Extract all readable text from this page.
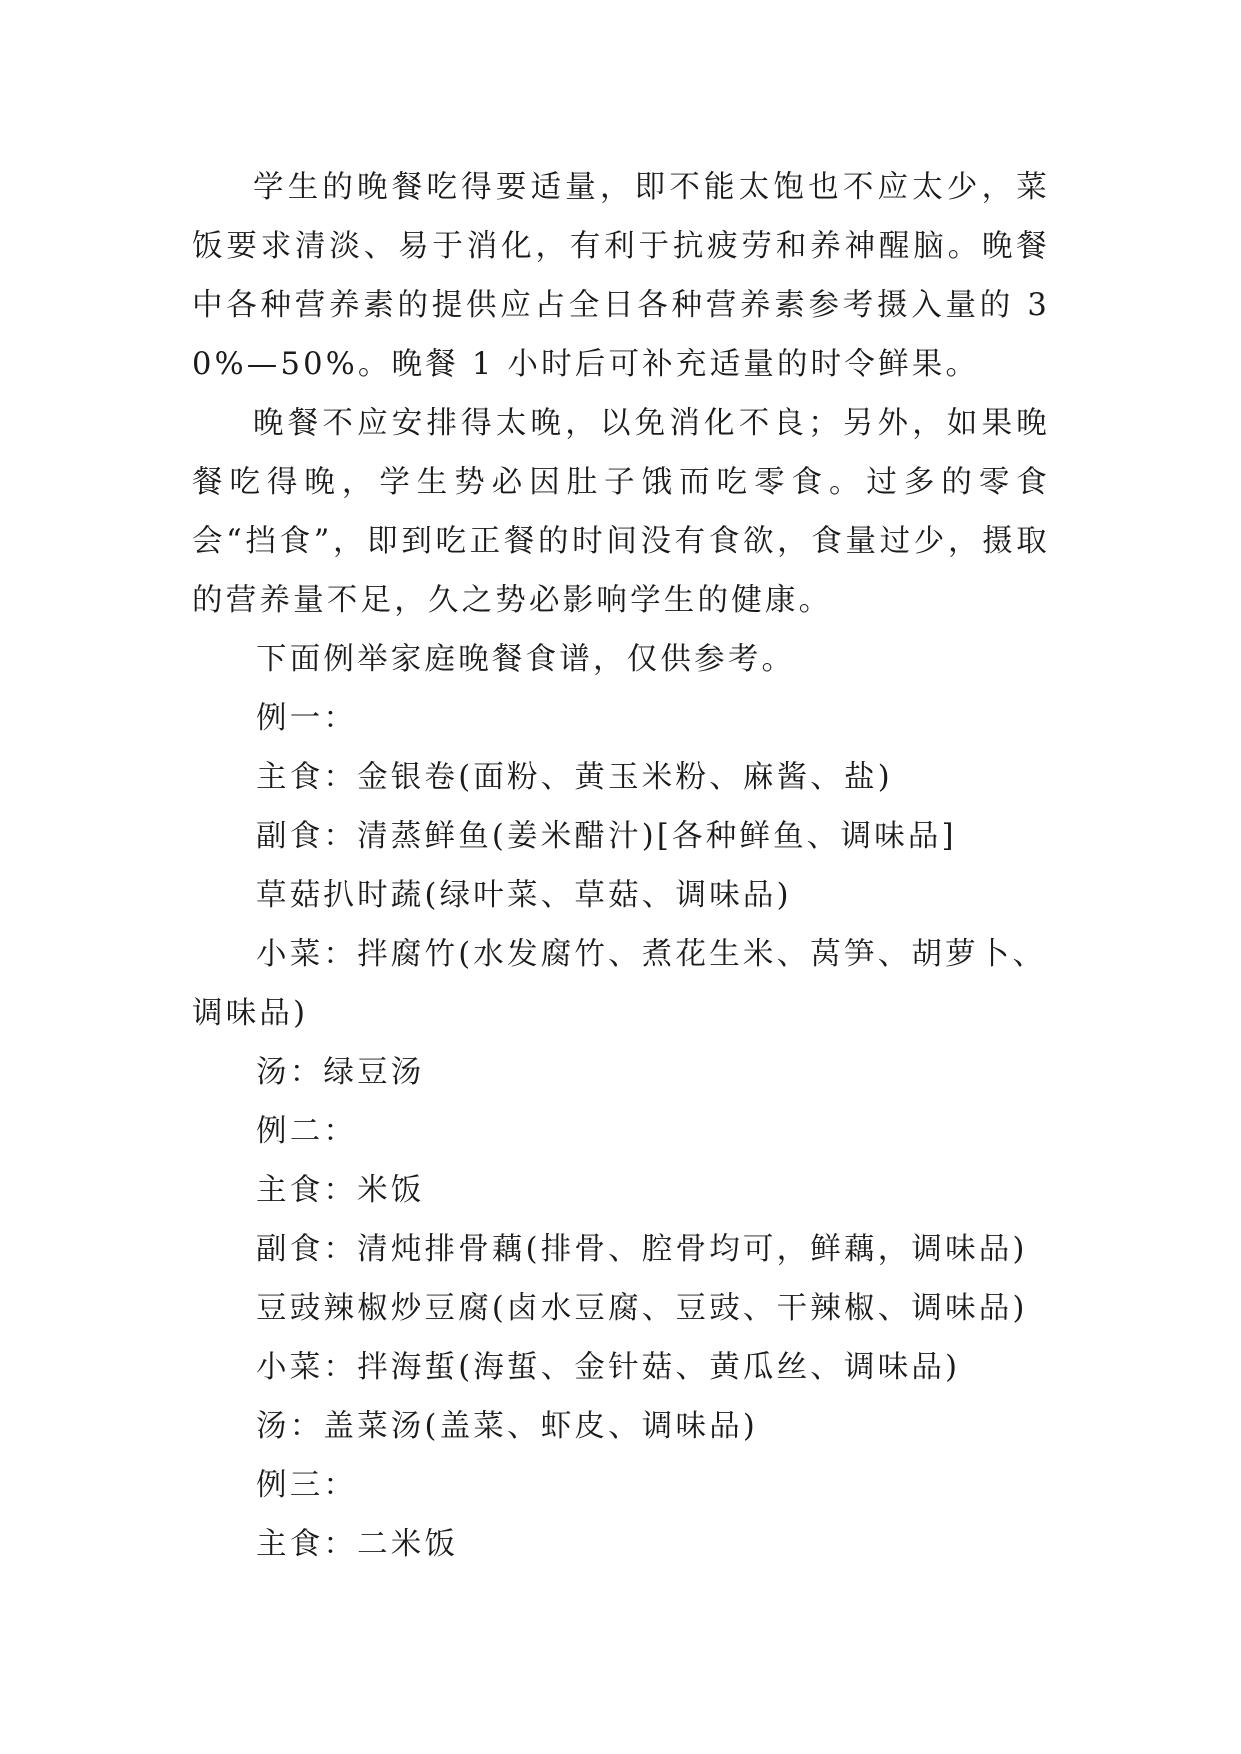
学生的晚餐吃得要适量，即不能太饱也不应太少，菜饭要求清淡、易于消化，有利于抗疲劳和养神醒脑。晚餐中各种营养素的提供应占全日各种营养素参考摄入量的 30%—50%。晚餐 1 小时后可补充适量的时令鲜果。

晚餐不应安排得太晚，以免消化不良；另外，如果晚餐吃得晚，学生势必因肚子饿而吃零食。过多的零食会“挡食”，即到吃正餐的时间没有食欲，食量过少，摄取的营养量不足，久之势必影响学生的健康。

下面例举家庭晚餐食谱，仅供参考。

例一：

主食：金银卷(面粉、黄玉米粉、麻酱、盐)

副食：清蒸鲜鱼(姜米醋汁)[各种鲜鱼、调味品]

草菇扒时蔬(绿叶菜、草菇、调味品)

小菜：拌腐竹(水发腐竹、煮花生米、莴笋、胡萝卜、调味品)

汤：绿豆汤

例二：

主食：米饭

副食：清炖排骨藕(排骨、腔骨均可，鲜藕，调味品)

豆豉辣椒炒豆腐(卤水豆腐、豆豉、干辣椒、调味品)

小菜：拌海蜇(海蜇、金针菇、黄瓜丝、调味品)

汤：盖菜汤(盖菜、虾皮、调味品)

例三：

主食：二米饭
